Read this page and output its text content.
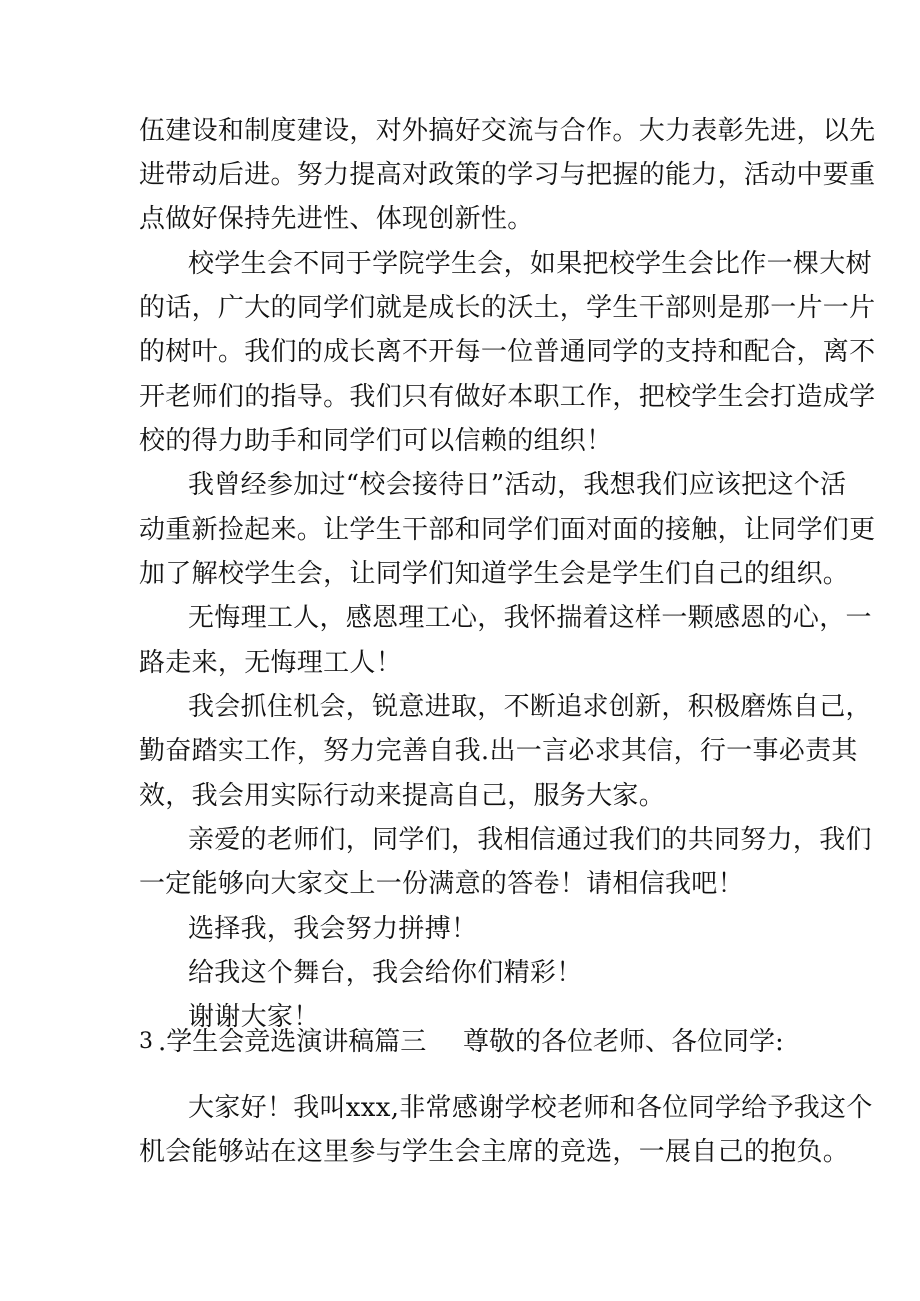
伍建设和制度建设，对外搞好交流与合作。大力表彰先进，以先
进带动后进。努力提高对政策的学习与把握的能力，活动中要重
点做好保持先进性、体现创新性。
校学生会不同于学院学生会，如果把校学生会比作一棵大树
的话，广大的同学们就是成长的沃土，学生干部则是那一片一片
的树叶。我们的成长离不开每一位普通同学的支持和配合，离不
开老师们的指导。我们只有做好本职工作，把校学生会打造成学
校的得力助手和同学们可以信赖的组织！
我曾经参加过“校会接待日”活动，我想我们应该把这个活
动重新捡起来。让学生干部和同学们面对面的接触，让同学们更
加了解校学生会，让同学们知道学生会是学生们自己的组织。
无悔理工人，感恩理工心，我怀揣着这样一颗感恩的心，一
路走来，无悔理工人！
我会抓住机会，锐意进取，不断追求创新，积极磨炼自己，
勤奋踏实工作，努力完善自我.出一言必求其信，行一事必责其
效，我会用实际行动来提高自己，服务大家。
亲爱的老师们，同学们，我相信通过我们的共同努力，我们
一定能够向大家交上一份满意的答卷！请相信我吧！
选择我，我会努力拼搏！
给我这个舞台，我会给你们精彩！
谢谢大家！
3 .学生会竞选演讲稿篇三 尊敬的各位老师、各位同学:
大家好！我叫xxx,非常感谢学校老师和各位同学给予我这个
机会能够站在这里参与学生会主席的竞选，一展自己的抱负。
